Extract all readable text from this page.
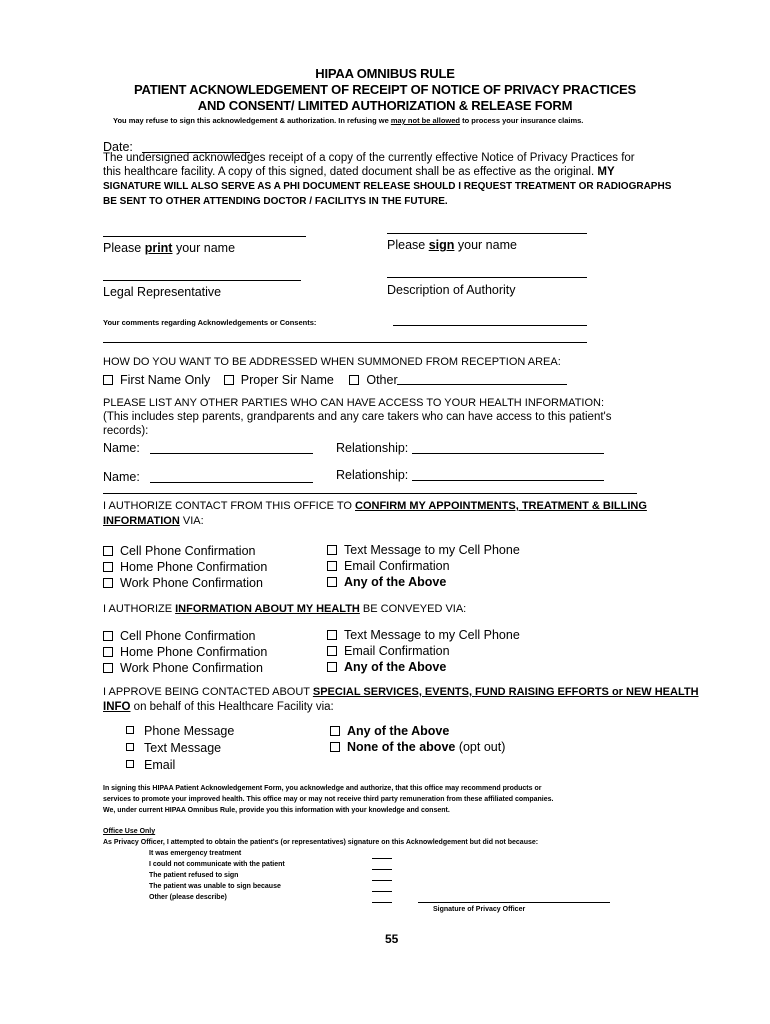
HIPAA OMNIBUS RULE
PATIENT ACKNOWLEDGEMENT OF RECEIPT OF NOTICE OF PRIVACY PRACTICES
AND CONSENT/ LIMITED AUTHORIZATION & RELEASE FORM
You may refuse to sign this acknowledgement & authorization. In refusing we may not be allowed to process your insurance claims.
Date:
The undersigned acknowledges receipt of a copy of the currently effective Notice of Privacy Practices for
this healthcare facility. A copy of this signed, dated document shall be as effective as the original. MY
SIGNATURE WILL ALSO SERVE AS A PHI DOCUMENT RELEASE SHOULD I REQUEST TREATMENT OR RADIOGRAPHS
BE SENT TO OTHER ATTENDING DOCTOR / FACILITYS IN THE FUTURE.
Please print your name	Please sign your name
Legal Representative	Description of Authority
Your comments regarding Acknowledgements or Consents:
HOW DO YOU WANT TO BE ADDRESSED WHEN SUMMONED FROM RECEPTION AREA:
First Name Only Proper Sir Name	Other
PLEASE LIST ANY OTHER PARTIES WHO CAN HAVE ACCESS TO YOUR HEALTH INFORMATION:
(This includes step parents, grandparents and any care takers who can have access to this patient's
records):
Name:	Relationship:
Name:	Relationship:
I AUTHORIZE CONTACT FROM THIS OFFICE TO CONFIRM MY APPOINTMENTS, TREATMENT & BILLING
INFORMATION VIA:
Cell Phone Confirmation
Home Phone Confirmation
Work Phone Confirmation
Text Message to my Cell Phone
Email Confirmation
Any of the Above
I AUTHORIZE INFORMATION ABOUT MY HEALTH BE CONVEYED VIA:
Cell Phone Confirmation
Home Phone Confirmation
Work Phone Confirmation
Text Message to my Cell Phone
Email Confirmation
Any of the Above
I APPROVE BEING CONTACTED ABOUT SPECIAL SERVICES, EVENTS, FUND RAISING EFFORTS or NEW HEALTH
INFO on behalf of this Healthcare Facility via:
Phone Message
Text Message
Email
Any of the Above
None of the above (opt out)
In signing this HIPAA Patient Acknowledgement Form, you acknowledge and authorize, that this office may recommend products or
services to promote your improved health. This office may or may not receive third party remuneration from these affiliated companies.
We, under current HIPAA Omnibus Rule, provide you this information with your knowledge and consent.
Office Use Only
As Privacy Officer, I attempted to obtain the patient's (or representatives) signature on this Acknowledgement but did not because:
It was emergency treatment
I could not communicate with the patient
The patient refused to sign
The patient was unable to sign because
Other (please describe)
Signature of Privacy Officer
55
